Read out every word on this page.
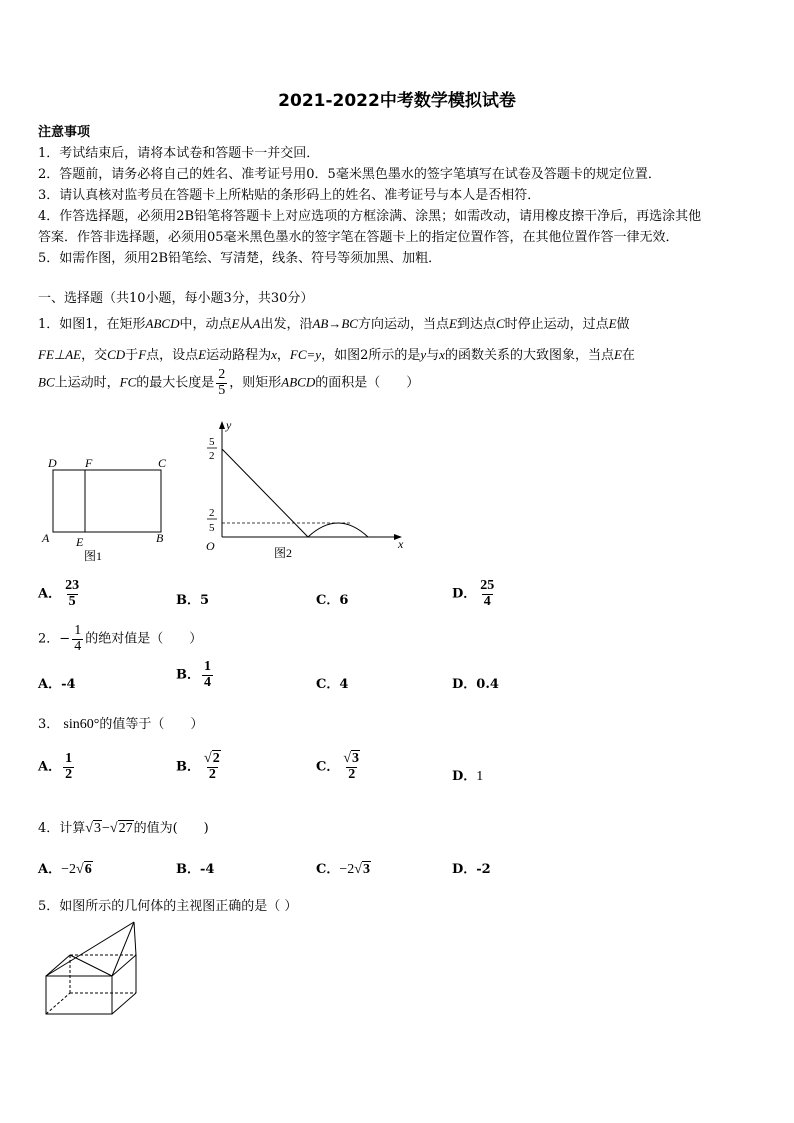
2021-2022中考数学模拟试卷
注意事项
1．考试结束后，请将本试卷和答题卡一并交回．
2．答题前，请务必将自己的姓名、准考证号用0．5毫米黑色墨水的签字笔填写在试卷及答题卡的规定位置．
3．请认真核对监考员在答题卡上所粘贴的条形码上的姓名、准考证号与本人是否相符．
4．作答选择题，必须用2B铅笔将答题卡上对应选项的方框涂满、涂黑；如需改动，请用橡皮擦干净后，再选涂其他
答案．作答非选择题，必须用05毫米黑色墨水的签字笔在答题卡上的指定位置作答，在其他位置作答一律无效．
5．如需作图，须用2B铅笔绘、写清楚，线条、符号等须加黑、加粗．
一、选择题（共10小题，每小题3分，共30分）
1．如图1，在矩形ABCD中，动点E从A出发，沿AB→BC方向运动，当点E到达点C时停止运动，过点E做
FE⊥AE，交CD于F点，设点E运动路程为x，FC=y，如图2所示的是y与x的函数关系的大致图象，当点E在
BC上运动时，FC的最大长度是 $\frac{2}{5}$ ，则矩形ABCD的面积是（　　）
D F	C
A E	B
图1
y
x
O
5
2
2
5
图2
A． $\frac{23}{5}$	B．5	C．6	D． $\frac{25}{4}$
2．− $\frac{1}{4}$ 的绝对值是（　　）
A．-4
B． $\frac{1}{4}$	C．4	D．0.4
3． sin60°的值等于（　　）
A． $\frac{1}{2}$	B． $\frac{√2}{2}$	C． $\frac{√3}{2}$	D．1
4．计算√3−√27的值为(　　)
A．−2√6	B．-4	C．−2√3	D．-2
5．如图所示的几何体的主视图正确的是（ ）
